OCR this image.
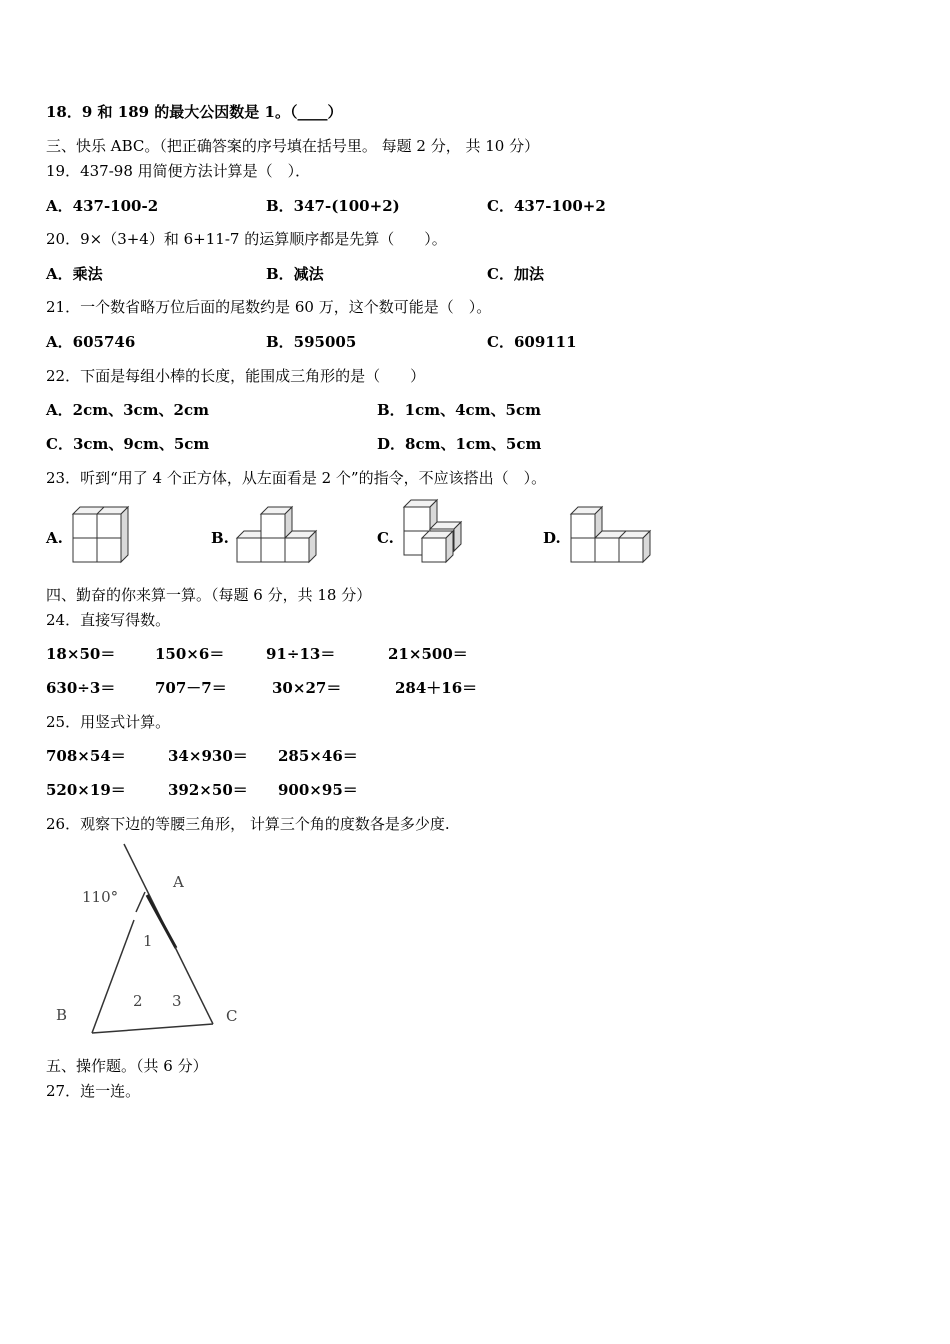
18．9 和 189 的最大公因数是 1。（____）
三、快乐 ABC。（把正确答案的序号填在括号里。 每题 2 分， 共 10 分）
19．437-98 用简便方法计算是（　）．
A．437-100-2	B．347-(100+2)	C．437-100+2
20．9×（3+4）和 6+11-7 的运算顺序都是先算（　　）。
A．乘法	B．减法	C．加法
21．一个数省略万位后面的尾数约是 60 万，这个数可能是（　）。
A．605746	B．595005	C．609111
22．下面是每组小棒的长度，能围成三角形的是（　　）
A．2cm、3cm、2cm	B．1cm、4cm、5cm
C．3cm、9cm、5cm	D．8cm、1cm、5cm
23．听到“用了 4 个正方体，从左面看是 2 个”的指令，不应该搭出（　）。
A.	B.	C.	D.
四、勤奋的你来算一算。（每题 6 分，共 18 分）
24．直接写得数。
18×50＝	150×6＝	91÷13＝	21×500＝
630÷3＝	707－7＝	30×27＝	284＋16＝
25．用竖式计算。
708×54＝	34×930＝ 285×46＝
520×19＝	392×50＝ 900×95＝
26．观察下边的等腰三角形， 计算三个角的度数各是多少度.
110°
A
B	C
1
2 3
五、操作题。（共 6 分）
27．连一连。
